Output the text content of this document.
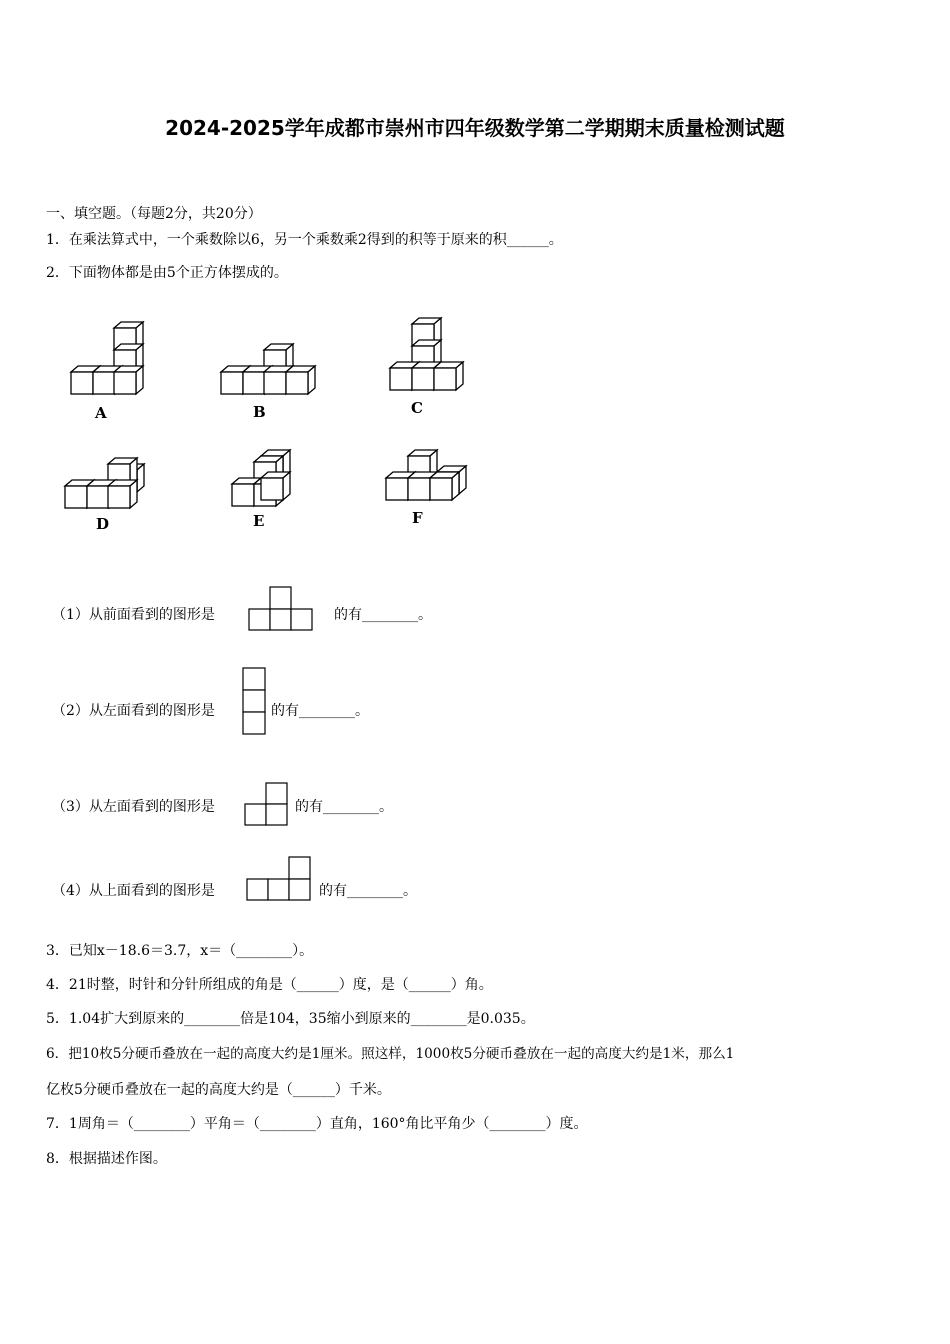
2024-2025学年成都市崇州市四年级数学第二学期期末质量检测试题
一、填空题。（每题2分，共20分）
1．在乘法算式中，一个乘数除以6，另一个乘数乘2得到的积等于原来的积______。
2．下面物体都是由5个正方体摆成的。
A	B	C
D	E	F
（1）从前面看到的图形是	的有________。
（2）从左面看到的图形是	的有________。
（3）从左面看到的图形是	的有________。
（4）从上面看到的图形是	的有________。
3．已知x－18.6＝3.7，x＝（________）。
4．21时整，时针和分针所组成的角是（______）度，是（______）角。
5．1.04扩大到原来的________倍是104，35缩小到原来的________是0.035。
6．把10枚5分硬币叠放在一起的高度大约是1厘米。照这样，1000枚5分硬币叠放在一起的高度大约是1米，那么1
亿枚5分硬币叠放在一起的高度大约是（______）千米。
7．1周角＝（________）平角＝（________）直角，160°角比平角少（________）度。
8．根据描述作图。
